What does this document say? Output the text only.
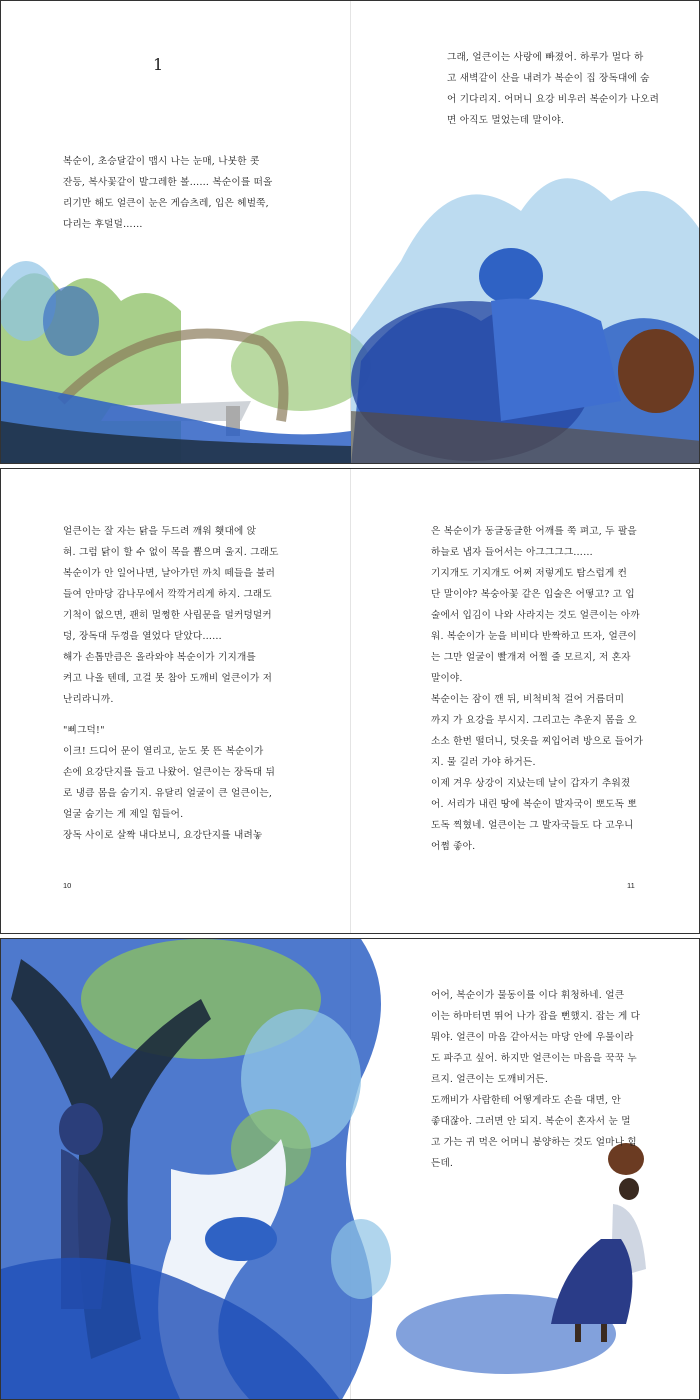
1

복순이, 초승달같이 맵시 나는 눈매, 나붓한 콧
잔등, 복사꽃같이 발그레한 볼…… 복순이를 떠올
리기만 해도 얼큰이 눈은 게슴츠레, 입은 헤벌쭉,
다리는 후덜덜……

그래, 얼큰이는 사랑에 빠졌어. 하루가 멀다 하
고 새벽같이 산을 내려가 복순이 집 장독대에 숨
어 기다리지. 어머니 요강 비우러 복순이가 나오려
면 아직도 멀었는데 말이야.

얼큰이는 잘 자는 닭을 두드려 깨워 횃대에 앉
혀. 그럼 닭이 할 수 없이 목을 뽑으며 울지. 그래도
복순이가 안 일어나면, 날아가던 까치 떼들을 불러
들여 안마당 감나무에서 깍깍거리게 하지. 그래도
기척이 없으면, 괜히 멀쩡한 사립문을 덜커덩덜커
덩, 장독대 두껑을 열었다 닫았다……

해가 손톱만큼은 올라와야 복순이가 기지개를
켜고 나올 텐데, 고걸 못 참아 도깨비 얼큰이가 저
난리라니까.

"삐그덕!"

이크! 드디어 문이 열리고, 눈도 못 뜬 복순이가
손에 요강단지를 들고 나왔어. 얼큰이는 장독대 뒤
로 냉큼 몸을 숨기지. 유달리 얼굴이 큰 얼큰이는,
얼굴 숨기는 게 제일 힘들어.

장독 사이로 살짝 내다보니, 요강단지를 내려놓

은 복순이가 동글동글한 어깨를 쭉 펴고, 두 팔을
하늘로 냅자 들어서는 아그그그그……

기지개도 기지개도 어쩌 저렇게도 탐스럽게 컨
단 말이야? 복숭아꽃 같은 입술은 어떻고? 고 입
술에서 입김이 나와 사라지는 것도 얼큰이는 아까
워. 복순이가 눈을 비비다 반짝하고 뜨자, 얼큰이
는 그만 얼굴이 빨개져 어쩔 줄 모르지, 저 혼자
말이야.

복순이는 잠이 깬 뒤, 비척비척 걸어 거름더미
까지 가 요강을 부시지. 그리고는 추운지 몸을 오
소소 한번 떨더니, 덧옷을 찌입어려 방으로 들어가
지. 물 길러 가야 하거든.

이제 겨우 상강이 지났는데 날이 갑자기 추워졌
어. 서리가 내린 땅에 복순이 발자국이 뽀도독 뽀
도독 찍혔네. 얼큰이는 그 발자국들도 다 고우니
어쩜 좋아.

10	11

어어, 복순이가 물동이를 이다 휘청하네. 얼큰
이는 하마터면 뛰어 나가 잡을 뻔했지. 잡는 게 다
뭐야. 얼큰이 마음 같아서는 마당 안에 우물이라
도 파주고 싶어. 하지만 얼큰이는 마음을 꾹꾹 누
르지. 얼큰이는 도깨비거든.

도깨비가 사람한테 어떻게라도 손을 대면, 안
좋대잖아. 그러면 안 되지. 복순이 혼자서 눈 멀
고 가는 귀 먹은 어머니 봉양하는 것도 얼마나 힘
든데.
